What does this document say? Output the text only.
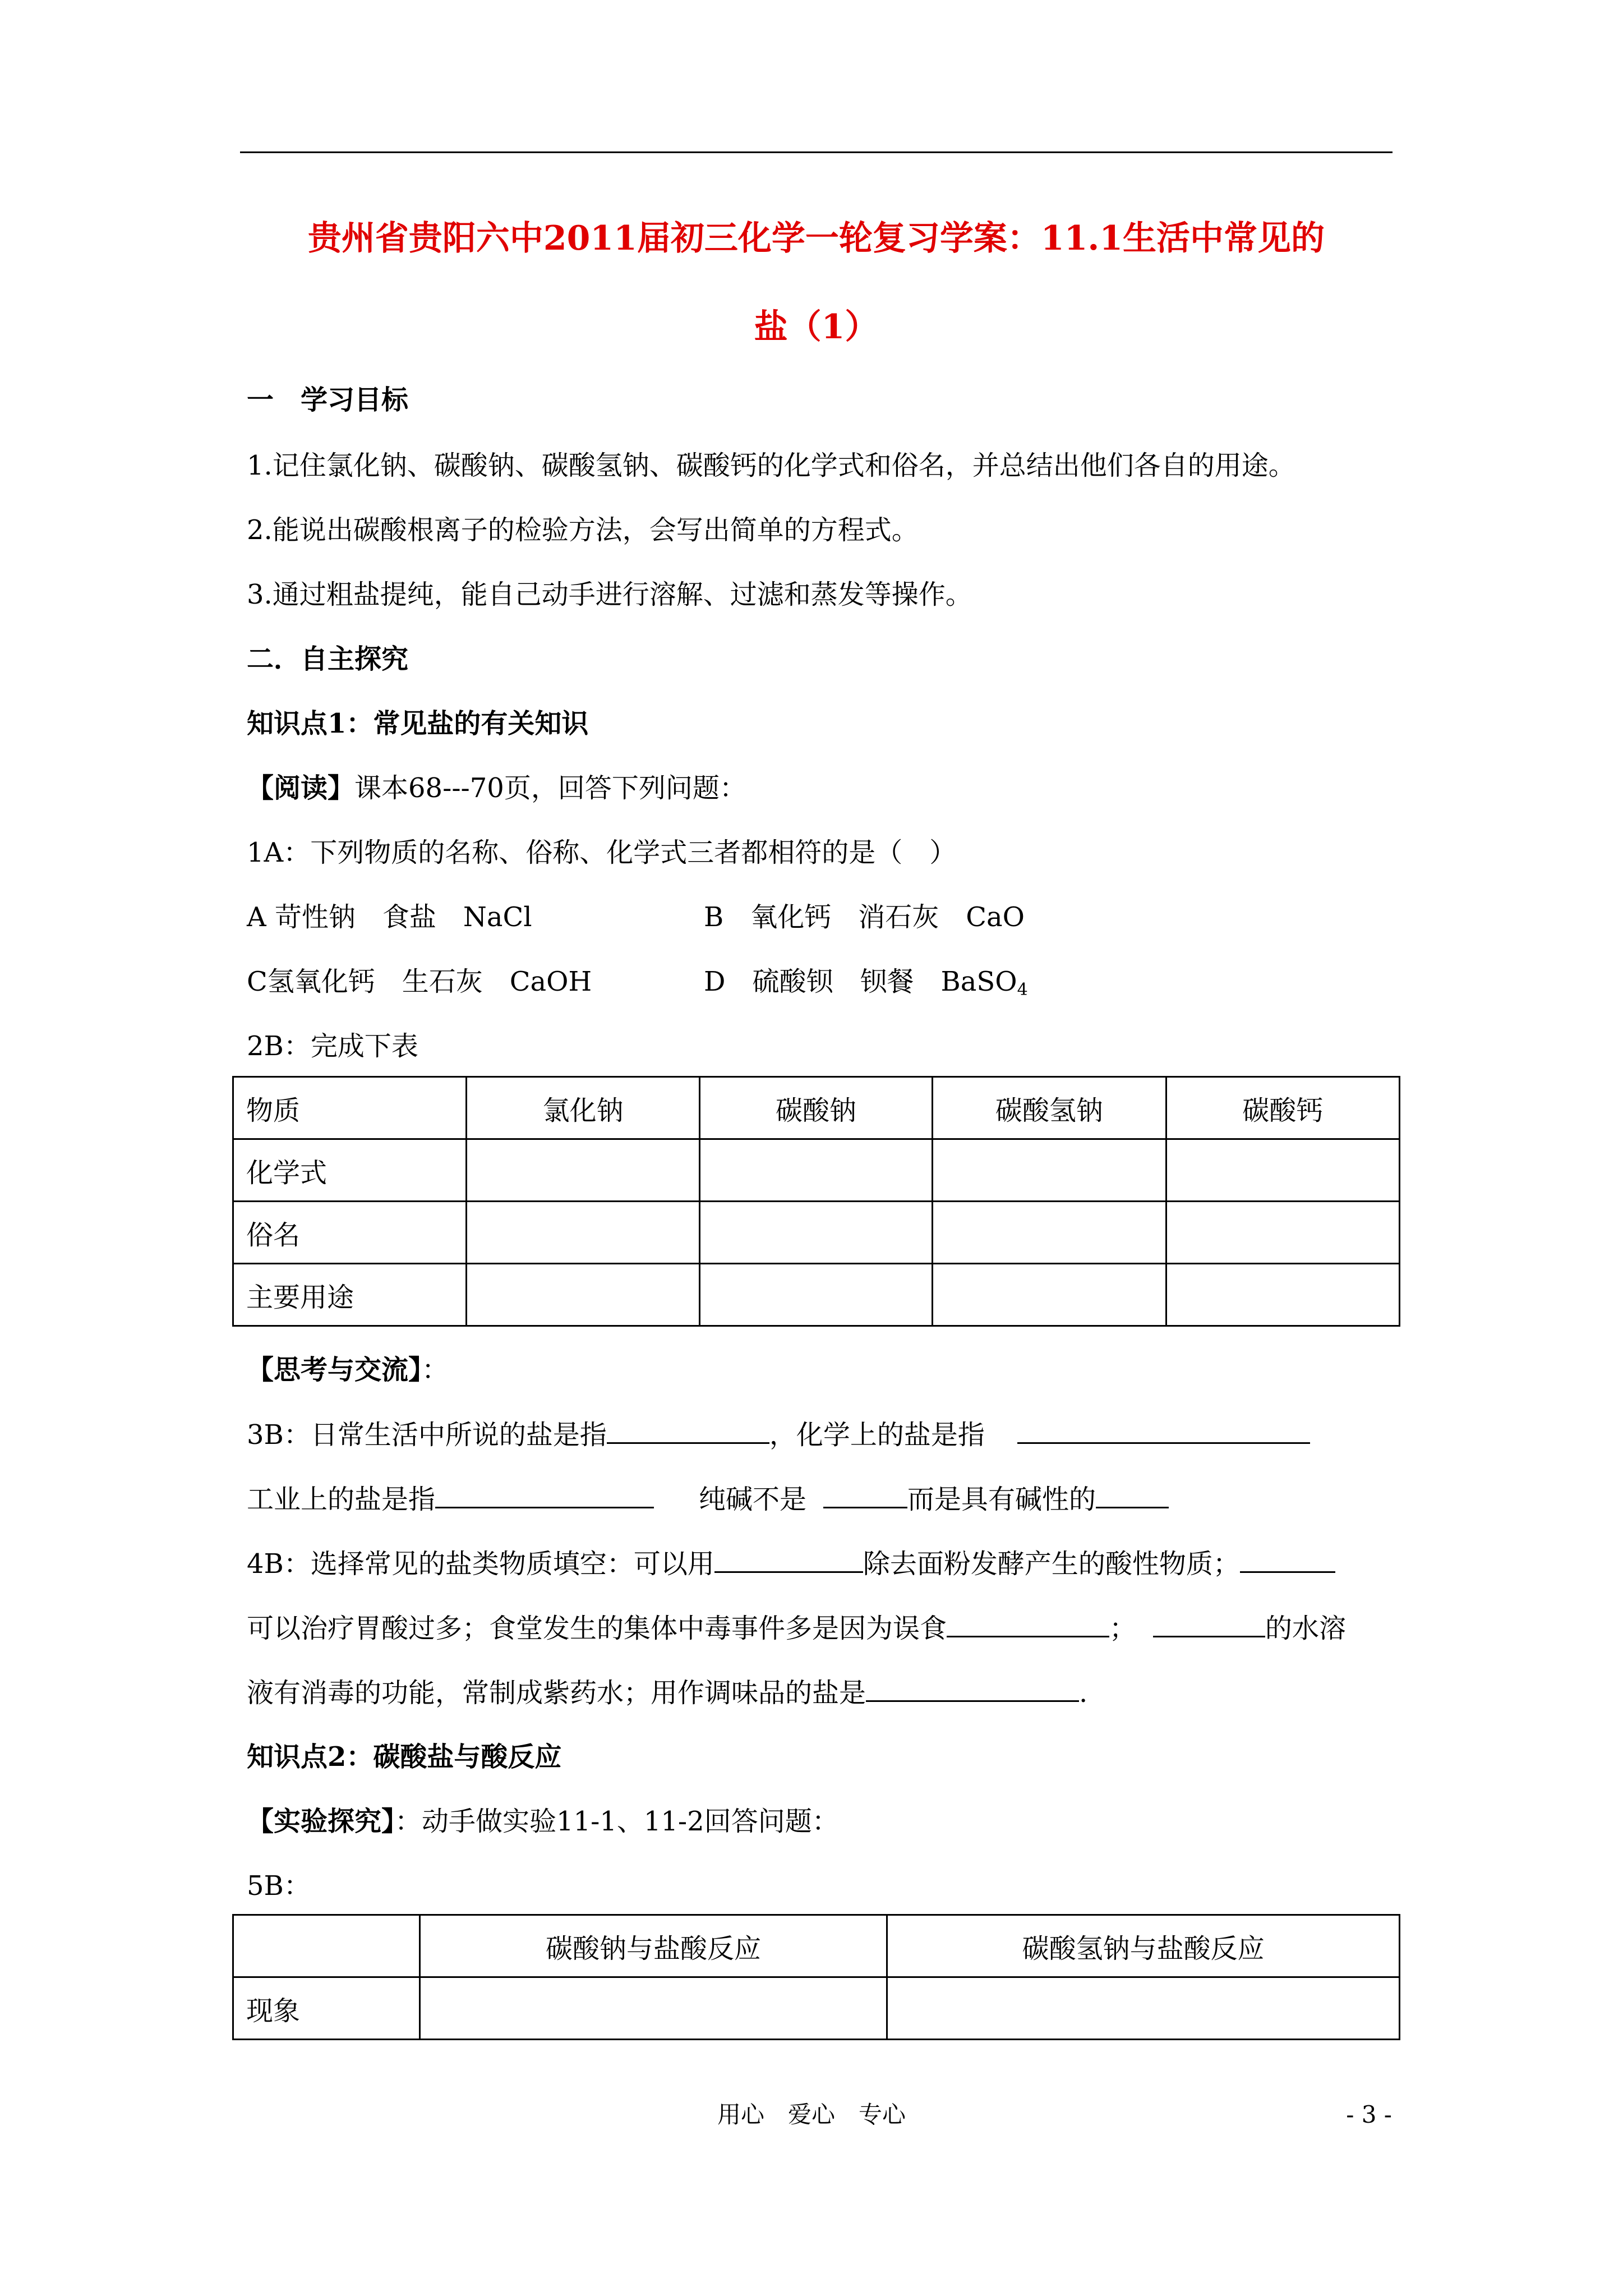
贵州省贵阳六中2011届初三化学一轮复习学案：11.1生活中常见的
盐（1）
一　学习目标
1.记住氯化钠、碳酸钠、碳酸氢钠、碳酸钙的化学式和俗名，并总结出他们各自的用途。
2.能说出碳酸根离子的检验方法，会写出简单的方程式。
3.通过粗盐提纯，能自己动手进行溶解、过滤和蒸发等操作。
二．自主探究
知识点1：常见盐的有关知识
【阅读】课本68---70页，回答下列问题：
1A：下列物质的名称、俗称、化学式三者都相符的是（　）
A 苛性钠　食盐　NaCl	B　氧化钙　消石灰　CaO
C氢氧化钙　生石灰　CaOH	D　硫酸钡　钡餐　BaSO$_4$
2B：完成下表
物质	氯化钠	碳酸钠	碳酸氢钠	碳酸钙
化学式				
俗名				
主要用途				
【思考与交流】：
3B：日常生活中所说的盐是指	，化学上的盐是指
工业上的盐是指	纯碱不是	而是具有碱性的
4B：选择常见的盐类物质填空：可以用	除去面粉发酵产生的酸性物质；
可以治疗胃酸过多；食堂发生的集体中毒事件多是因为误食	；	的水溶
液有消毒的功能，常制成紫药水；用作调味品的盐是	.
知识点2：碳酸盐与酸反应
【实验探究】：动手做实验11-1、11-2回答问题：
5B：
	碳酸钠与盐酸反应	碳酸氢钠与盐酸反应
现象		
用心　爱心　专心	- 3 -
